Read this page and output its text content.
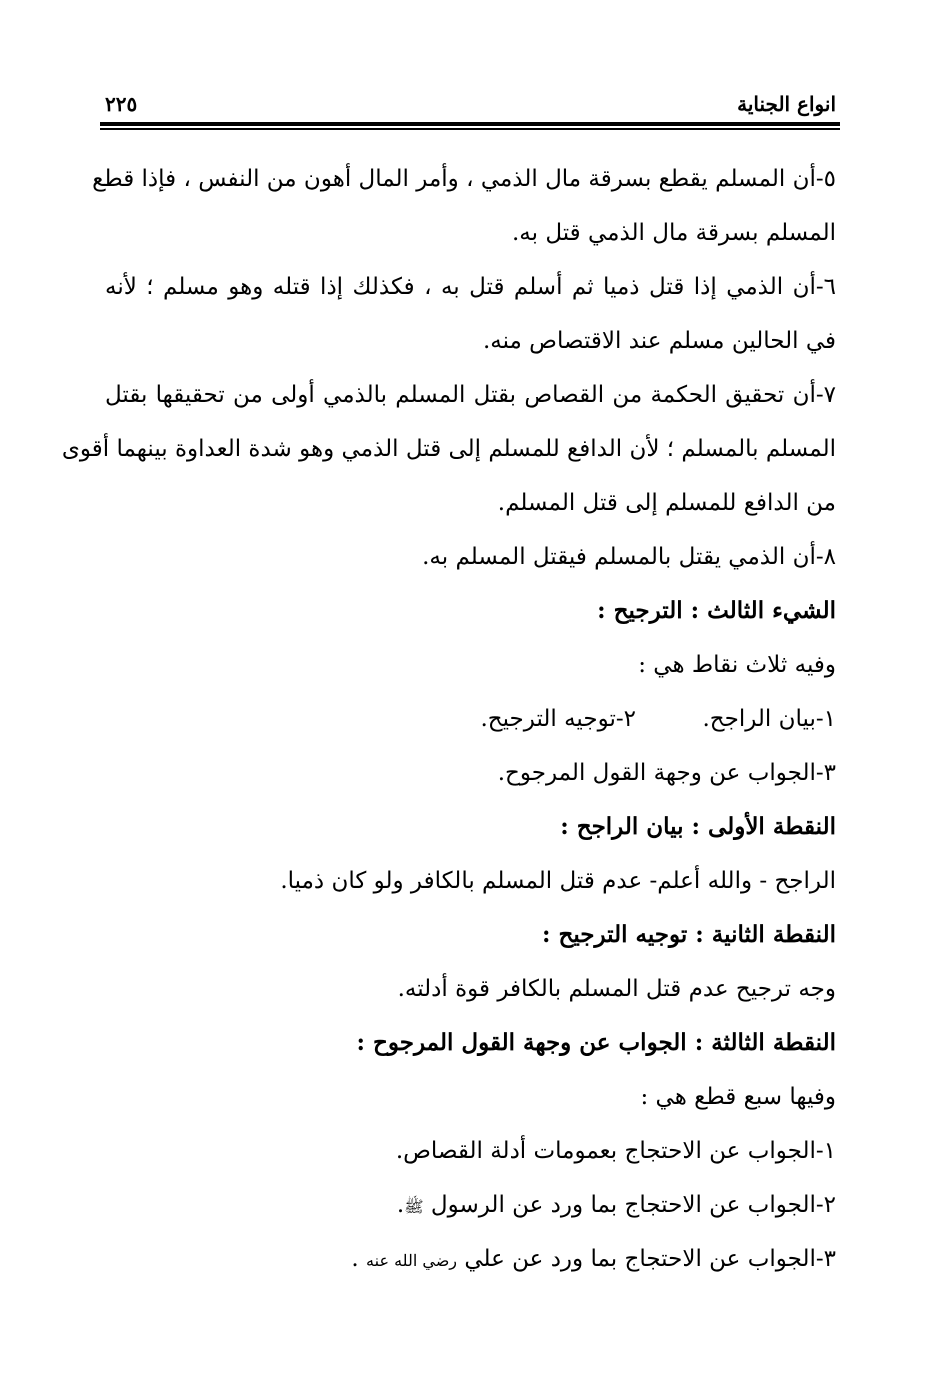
انواع الجناية
٢٢٥
٥-أن المسلم يقطع بسرقة مال الذمي ، وأمر المال أهون من النفس ، فإذا قطع
المسلم بسرقة مال الذمي قتل به.
٦-أن الذمي إذا قتل ذميا ثم أسلم قتل به ، فكذلك إذا قتله وهو مسلم ؛ لأنه
في الحالين مسلم عند الاقتصاص منه.
٧-أن تحقيق الحكمة من القصاص بقتل المسلم بالذمي أولى من تحقيقها بقتل
المسلم بالمسلم ؛ لأن الدافع للمسلم إلى قتل الذمي وهو شدة العداوة بينهما أقوى
من الدافع للمسلم إلى قتل المسلم.
٨-أن الذمي يقتل بالمسلم فيقتل المسلم به.
الشيء الثالث : الترجيح :
وفيه ثلاث نقاط هي :
١-بيان الراجح.
٢-توجيه الترجيح.
٣-الجواب عن وجهة القول المرجوح.
النقطة الأولى : بيان الراجح :
الراجح - والله أعلم- عدم قتل المسلم بالكافر ولو كان ذميا.
النقطة الثانية : توجيه الترجيح :
وجه ترجيح عدم قتل المسلم بالكافر قوة أدلته.
النقطة الثالثة : الجواب عن وجهة القول المرجوح :
وفيها سبع قطع هي :
١-الجواب عن الاحتجاج بعمومات أدلة القصاص.
٢-الجواب عن الاحتجاج بما ورد عن الرسول ﷺ.
٣-الجواب عن الاحتجاج بما ورد عن علي رضي الله عنه .
